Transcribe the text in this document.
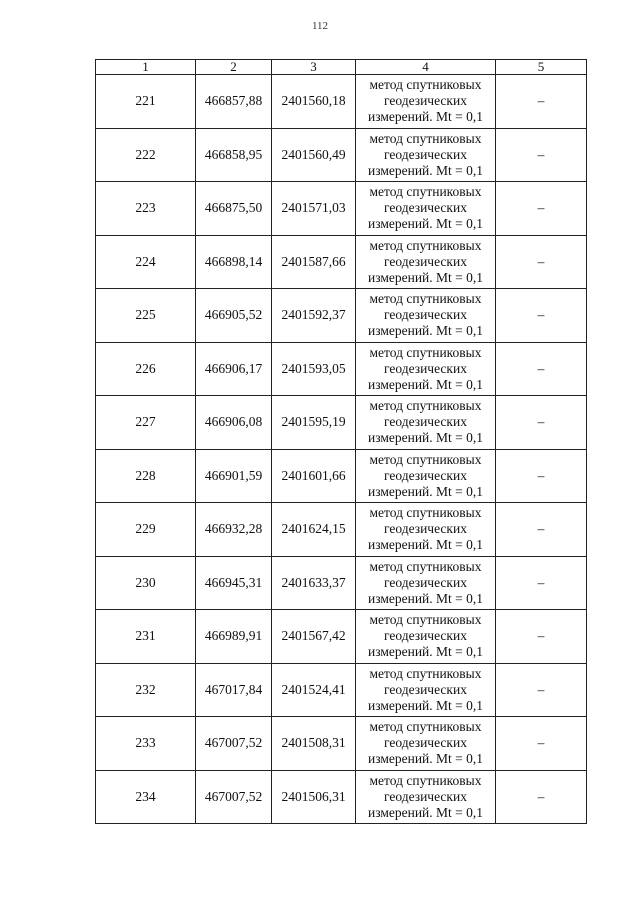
112
1	2	3	4	5
221	466857,88	2401560,18	метод спутниковых
геодезических
измерений. Mt = 0,1	–
222	466858,95	2401560,49	метод спутниковых
геодезических
измерений. Mt = 0,1	–
223	466875,50	2401571,03	метод спутниковых
геодезических
измерений. Mt = 0,1	–
224	466898,14	2401587,66	метод спутниковых
геодезических
измерений. Mt = 0,1	–
225	466905,52	2401592,37	метод спутниковых
геодезических
измерений. Mt = 0,1	–
226	466906,17	2401593,05	метод спутниковых
геодезических
измерений. Mt = 0,1	–
227	466906,08	2401595,19	метод спутниковых
геодезических
измерений. Mt = 0,1	–
228	466901,59	2401601,66	метод спутниковых
геодезических
измерений. Mt = 0,1	–
229	466932,28	2401624,15	метод спутниковых
геодезических
измерений. Mt = 0,1	–
230	466945,31	2401633,37	метод спутниковых
геодезических
измерений. Mt = 0,1	–
231	466989,91	2401567,42	метод спутниковых
геодезических
измерений. Mt = 0,1	–
232	467017,84	2401524,41	метод спутниковых
геодезических
измерений. Mt = 0,1	–
233	467007,52	2401508,31	метод спутниковых
геодезических
измерений. Mt = 0,1	–
234	467007,52	2401506,31	метод спутниковых
геодезических
измерений. Mt = 0,1	–
